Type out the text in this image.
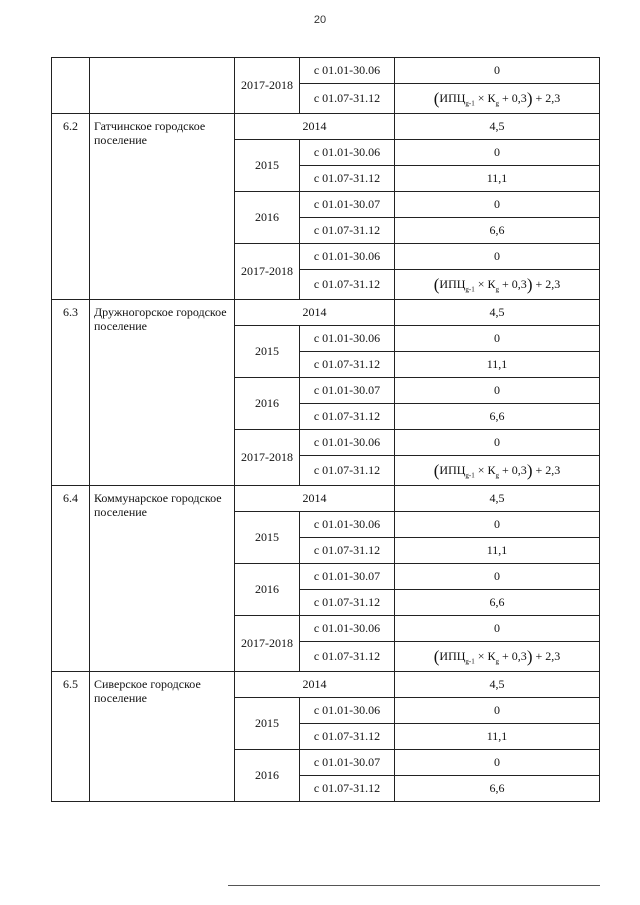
20
		2017-2018	с 01.01-30.06	0
			с 01.07-31.12	$(ИПЦ_{g-1} \times К_g + 0,3) + 2,3$
6.2	Гатчинское городское поселение	2014		4,5
		2015	с 01.01-30.06	0
			с 01.07-31.12	11,1
		2016	с 01.01-30.07	0
			с 01.07-31.12	6,6
		2017-2018	с 01.01-30.06	0
			с 01.07-31.12	$(ИПЦ_{g-1} \times К_g + 0,3) + 2,3$
6.3	Дружногорское городское поселение	2014		4,5
		2015	с 01.01-30.06	0
			с 01.07-31.12	11,1
		2016	с 01.01-30.07	0
			с 01.07-31.12	6,6
		2017-2018	с 01.01-30.06	0
			с 01.07-31.12	$(ИПЦ_{g-1} \times К_g + 0,3) + 2,3$
6.4	Коммунарское городское поселение	2014		4,5
		2015	с 01.01-30.06	0
			с 01.07-31.12	11,1
		2016	с 01.01-30.07	0
			с 01.07-31.12	6,6
		2017-2018	с 01.01-30.06	0
			с 01.07-31.12	$(ИПЦ_{g-1} \times К_g + 0,3) + 2,3$
6.5	Сиверское городское поселение	2014		4,5
		2015	с 01.01-30.06	0
			с 01.07-31.12	11,1
		2016	с 01.01-30.07	0
			с 01.07-31.12	6,6
